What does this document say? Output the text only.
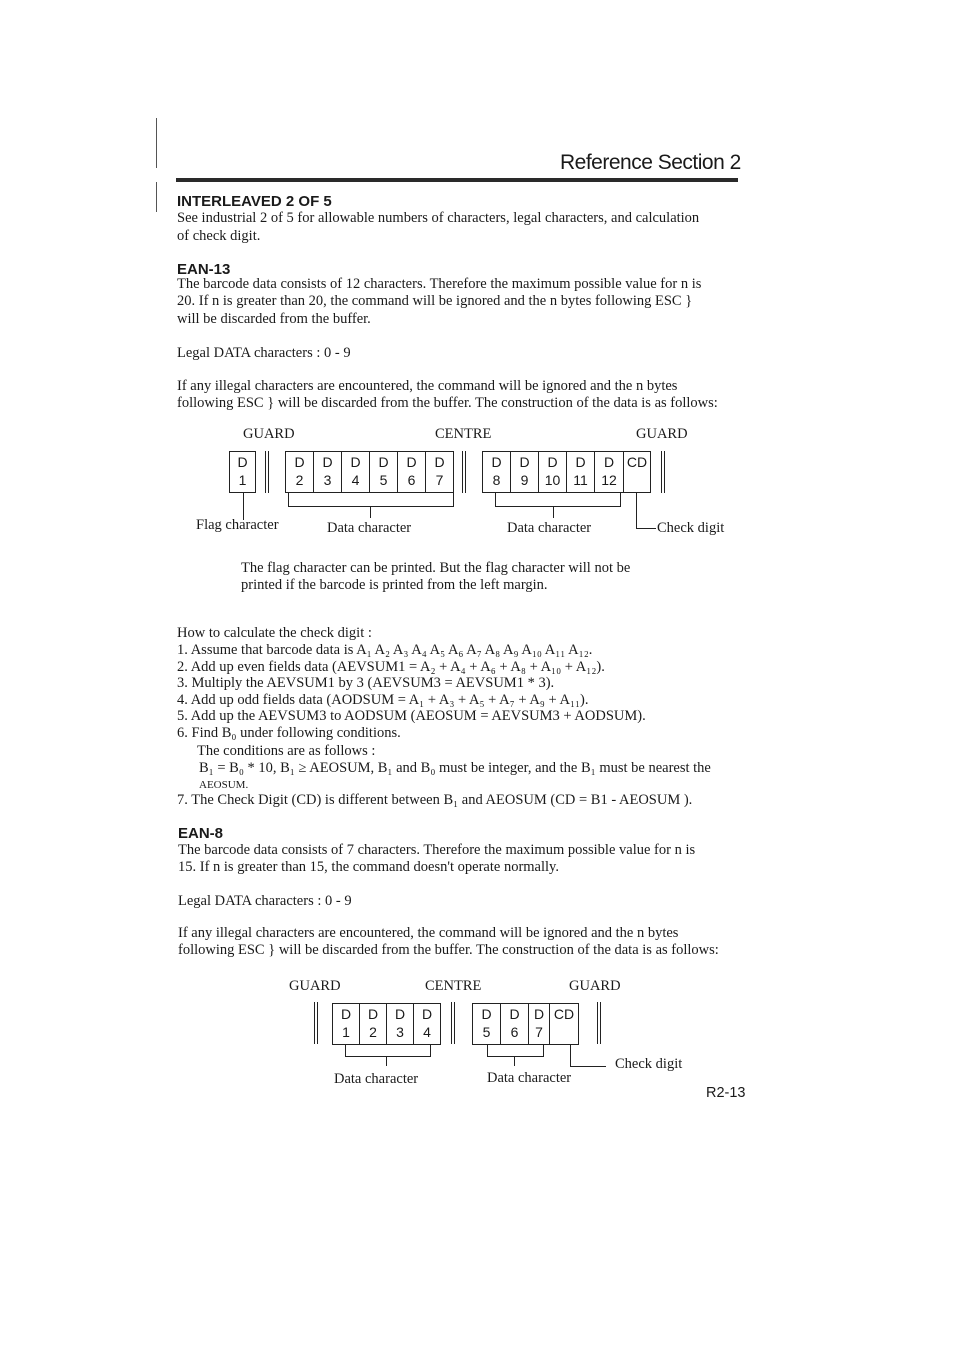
Reference Section 2
INTERLEAVED 2 OF 5
See industrial 2 of 5 for allowable numbers of characters, legal characters, and calculation
of check digit.
EAN-13
The barcode data consists of 12 characters. Therefore the maximum possible value for n is
20. If n is greater than 20, the command will be ignored and the n bytes following ESC }
will be discarded from the buffer.
Legal DATA characters : 0 - 9
If any illegal characters are encountered, the command will be ignored and the n bytes
following ESC } will be discarded from the buffer. The construction of the data is as follows:
GUARD	CENTRE	GUARD
D
1
D
2
D
3
D
4
D
5
D
6
D
7
D
8
D
9
D
10
D
11
D
12
CD
Flag character	Data character	Data character	Check digit
The flag character can be printed. But the flag character will not be
printed if the barcode is printed from the left margin.
How to calculate the check digit :
1. Assume that barcode data is A₁ A₂ A₃ A₄ A₅ A₆ A₇ A₈ A₉ A₁₀ A₁₁ A₁₂.
2. Add up even fields data (AEVSUM1 = A₂ + A₄ + A₆ + A₈ + A₁₀ + A₁₂).
3. Multiply the AEVSUM1 by 3 (AEVSUM3 = AEVSUM1 * 3).
4. Add up odd fields data (AODSUM = A₁ + A₃ + A₅ + A₇ + A₉ + A₁₁).
5. Add up the AEVSUM3 to AODSUM (AEOSUM = AEVSUM3 + AODSUM).
6. Find B₀ under following conditions.
The conditions are as follows :
B₁ = B₀ * 10, B₁ ≥ AEOSUM, B₁ and B₀ must be integer, and the B₁ must be nearest the
AEOSUM.
7. The Check Digit (CD) is different between B₁ and AEOSUM (CD = B1 - AEOSUM ).
EAN-8
The barcode data consists of 7 characters. Therefore the maximum possible value for n is
15. If n is greater than 15, the command doesn't operate normally.
Legal DATA characters : 0 - 9
If any illegal characters are encountered, the command will be ignored and the n bytes
following ESC } will be discarded from the buffer. The construction of the data is as follows:
GUARD	CENTRE	GUARD
D
1
D
2
D
3
D
4
D
5
D
6
D
7
CD
Data character	Data character
Check digit
R2-13
